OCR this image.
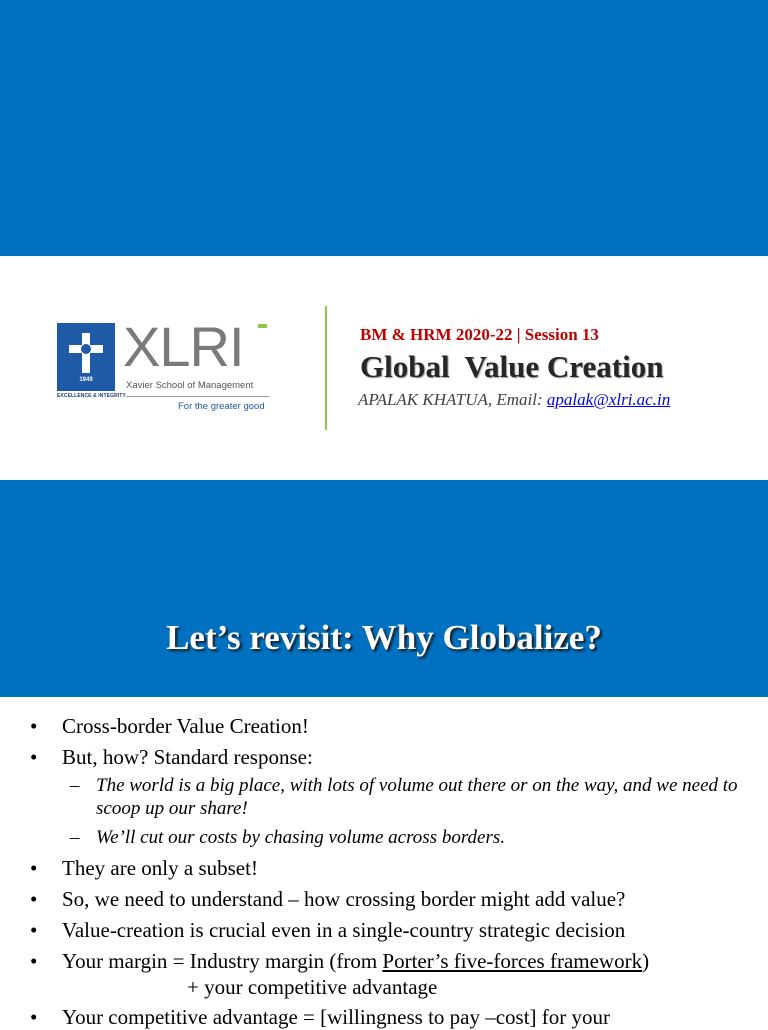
1949
EXCELLENCE & INTEGRITY
XLRI
Xavier School of Management
For the greater good
BM & HRM 2020-22 | Session 13
Global  Value Creation
APALAK KHATUA, Email: apalak@xlri.ac.in
Let’s revisit: Why Globalize?
• Cross-border Value Creation!
• But, how? Standard response:
– The world is a big place, with lots of volume out there or on the way, and we need to scoop up our share!
– We’ll cut our costs by chasing volume across borders.
• They are only a subset!
• So, we need to understand – how crossing border might add value?
• Value-creation is crucial even in a single-country strategic decision
• Your margin = Industry margin (from Porter’s five-forces framework)
+ your competitive advantage
• Your competitive advantage = [willingness to pay –cost] for your
